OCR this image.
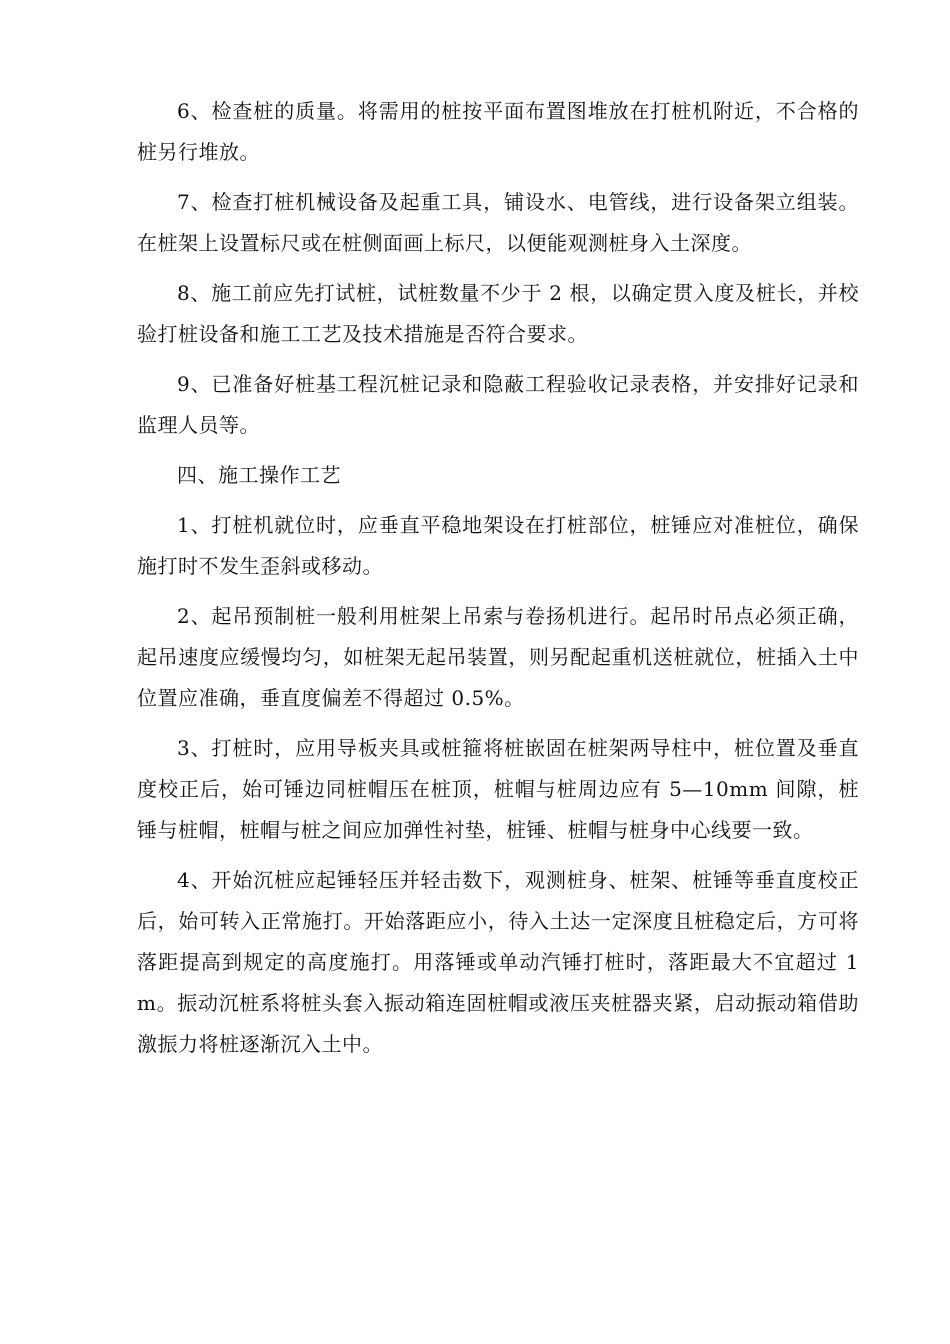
6、检查桩的质量。将需用的桩按平面布置图堆放在打桩机附近，不合格的桩另行堆放。

7、检查打桩机械设备及起重工具，铺设水、电管线，进行设备架立组装。在桩架上设置标尺或在桩侧面画上标尺，以便能观测桩身入土深度。

8、施工前应先打试桩，试桩数量不少于 2 根，以确定贯入度及桩长，并校验打桩设备和施工工艺及技术措施是否符合要求。

9、已准备好桩基工程沉桩记录和隐蔽工程验收记录表格，并安排好记录和监理人员等。

四、施工操作工艺

1、打桩机就位时，应垂直平稳地架设在打桩部位，桩锤应对准桩位，确保施打时不发生歪斜或移动。

2、起吊预制桩一般利用桩架上吊索与卷扬机进行。起吊时吊点必须正确，起吊速度应缓慢均匀，如桩架无起吊装置，则另配起重机送桩就位，桩插入土中位置应准确，垂直度偏差不得超过 0.5%。

3、打桩时，应用导板夹具或桩箍将桩嵌固在桩架两导柱中，桩位置及垂直度校正后，始可锤边同桩帽压在桩顶，桩帽与桩周边应有 5—10mm 间隙，桩锤与桩帽，桩帽与桩之间应加弹性衬垫，桩锤、桩帽与桩身中心线要一致。

4、开始沉桩应起锤轻压并轻击数下，观测桩身、桩架、桩锤等垂直度校正后，始可转入正常施打。开始落距应小，待入土达一定深度且桩稳定后，方可将落距提高到规定的高度施打。用落锤或单动汽锤打桩时，落距最大不宜超过 1m。振动沉桩系将桩头套入振动箱连固桩帽或液压夹桩器夹紧，启动振动箱借助激振力将桩逐渐沉入土中。
